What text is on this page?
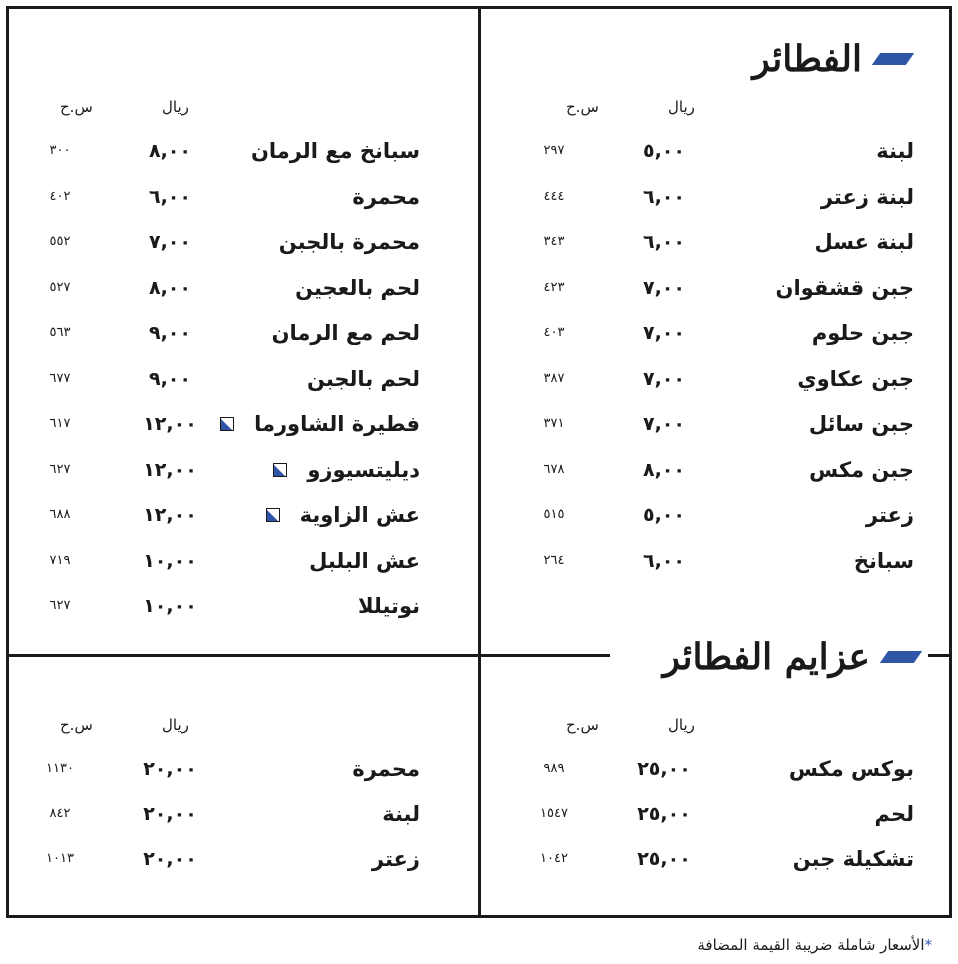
الفطائر
عزايم الفطائر
ريال
س.ح
ريال
س.ح
ريال
س.ح
ريال
س.ح
لبنة
٥,٠٠
٢٩٧
لبنة زعتر
٦,٠٠
٤٤٤
لبنة عسل
٦,٠٠
٣٤٣
جبن قشقوان
٧,٠٠
٤٢٣
جبن حلوم
٧,٠٠
٤٠٣
جبن عكاوي
٧,٠٠
٣٨٧
جبن سائل
٧,٠٠
٣٧١
جبن مكس
٨,٠٠
٦٧٨
زعتر
٥,٠٠
٥١٥
سبانخ
٦,٠٠
٢٦٤
سبانخ مع الرمان
٨,٠٠
٣٠٠
محمرة
٦,٠٠
٤٠٢
محمرة بالجبن
٧,٠٠
٥٥٢
لحم بالعجين
٨,٠٠
٥٢٧
لحم مع الرمان
٩,٠٠
٥٦٣
لحم بالجبن
٩,٠٠
٦٧٧
فطيرة الشاورما
١٢,٠٠
٦١٧
ديليتسيوزو
١٢,٠٠
٦٢٧
عش الزاوية
١٢,٠٠
٦٨٨
عش البلبل
١٠,٠٠
٧١٩
نوتيللا
١٠,٠٠
٦٢٧
بوكس مكس
٢٥,٠٠
٩٨٩
لحم
٢٥,٠٠
١٥٤٧
تشكيلة جبن
٢٥,٠٠
١٠٤٢
محمرة
٢٠,٠٠
١١٣٠
لبنة
٢٠,٠٠
٨٤٢
زعتر
٢٠,٠٠
١٠١٣
*الأسعار شاملة ضريبة القيمة المضافة
